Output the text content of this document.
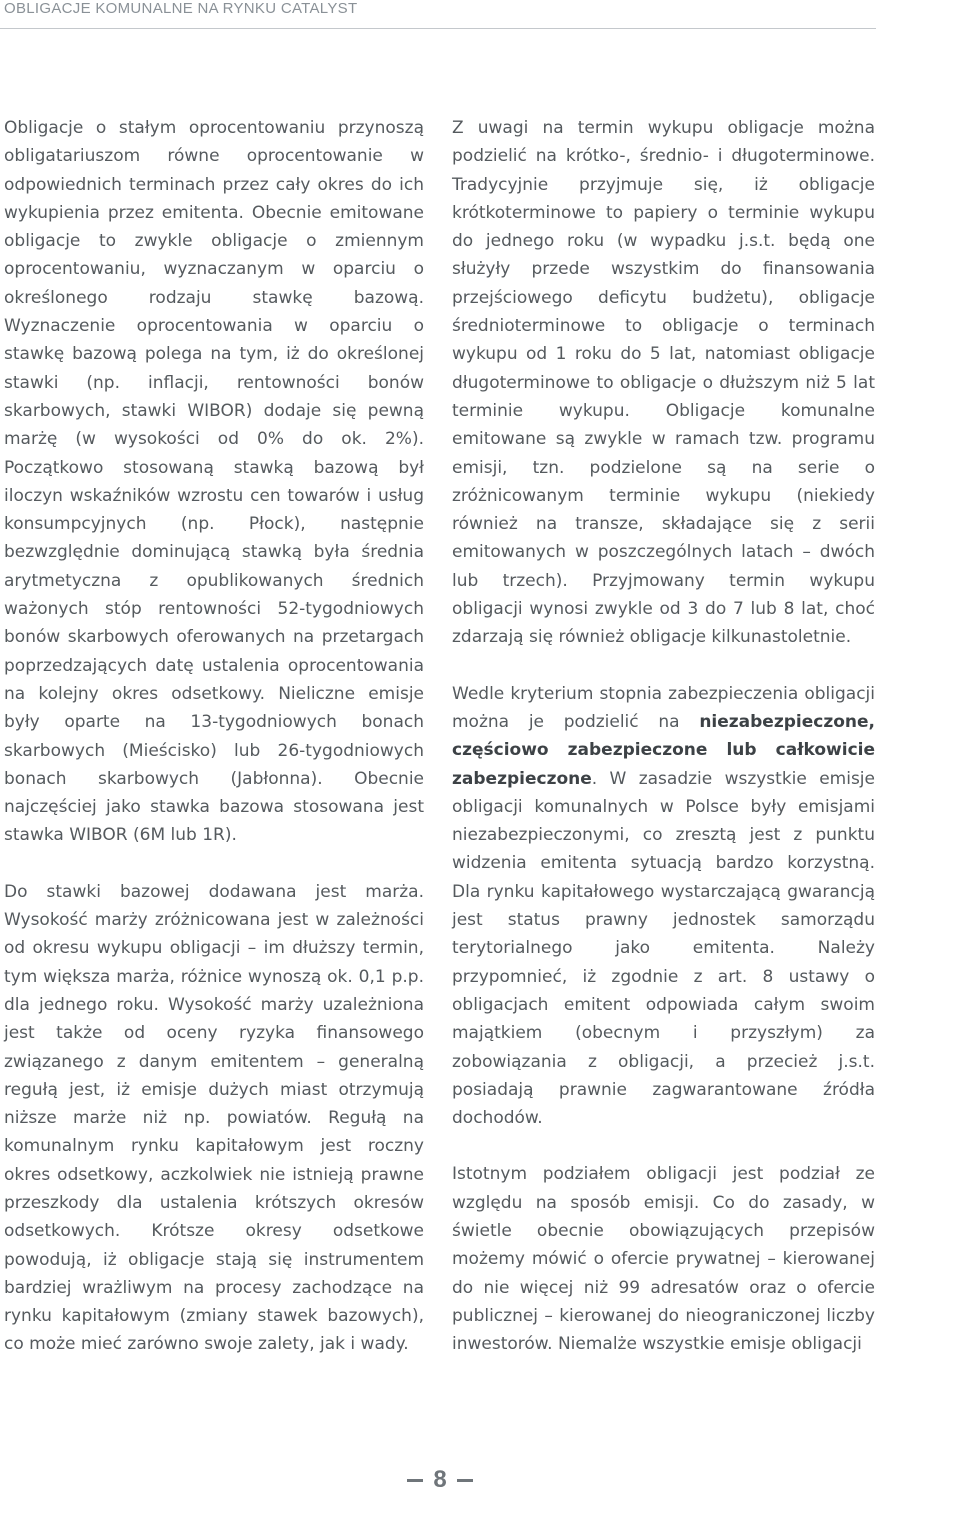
OBLIGACJE KOMUNALNE NA RYNKU CATALYST

Obligacje o stałym oprocentowaniu przynoszą obligatariuszom równe oprocentowanie w odpowiednich terminach przez cały okres do ich wykupienia przez emitenta. Obecnie emitowane obligacje to zwykle obligacje o zmiennym oprocentowaniu, wyznaczanym w oparciu o określonego rodzaju stawkę bazową. Wyznaczenie oprocentowania w oparciu o stawkę bazową polega na tym, iż do określonej stawki (np. inflacji, rentowności bonów skarbowych, stawki WIBOR) dodaje się pewną marżę (w wysokości od 0% do ok. 2%). Początkowo stosowaną stawką bazową był iloczyn wskaźników wzrostu cen towarów i usług konsumpcyjnych (np. Płock), następnie bezwzględnie dominującą stawką była średnia arytmetyczna z opublikowanych średnich ważonych stóp rentowności 52-tygodniowych bonów skarbowych oferowanych na przetargach poprzedzających datę ustalenia oprocentowania na kolejny okres odsetkowy. Nieliczne emisje były oparte na 13-tygodniowych bonach skarbowych (Mieścisko) lub 26-tygodniowych bonach skarbowych (Jabłonna). Obecnie najczęściej jako stawka bazowa stosowana jest stawka WIBOR (6M lub 1R).

Do stawki bazowej dodawana jest marża. Wysokość marży zróżnicowana jest w zależności od okresu wykupu obligacji – im dłuższy termin, tym większa marża, różnice wynoszą ok. 0,1 p.p. dla jednego roku. Wysokość marży uzależniona jest także od oceny ryzyka finansowego związanego z danym emitentem – generalną regułą jest, iż emisje dużych miast otrzymują niższe marże niż np. powiatów. Regułą na komunalnym rynku kapitałowym jest roczny okres odsetkowy, aczkolwiek nie istnieją prawne przeszkody dla ustalenia krótszych okresów odsetkowych. Krótsze okresy odsetkowe powodują, iż obligacje stają się instrumentem bardziej wrażliwym na procesy zachodzące na rynku kapitałowym (zmiany stawek bazowych), co może mieć zarówno swoje zalety, jak i wady.

Z uwagi na termin wykupu obligacje można podzielić na krótko-, średnio- i długoterminowe. Tradycyjnie przyjmuje się, iż obligacje krótkoterminowe to papiery o terminie wykupu do jednego roku (w wypadku j.s.t. będą one służyły przede wszystkim do finansowania przejściowego deficytu budżetu), obligacje średnioterminowe to obligacje o terminach wykupu od 1 roku do 5 lat, natomiast obligacje długoterminowe to obligacje o dłuższym niż 5 lat terminie wykupu. Obligacje komunalne emitowane są zwykle w ramach tzw. programu emisji, tzn. podzielone są na serie o zróżnicowanym terminie wykupu (niekiedy również na transze, składające się z serii emitowanych w poszczególnych latach – dwóch lub trzech). Przyjmowany termin wykupu obligacji wynosi zwykle od 3 do 7 lub 8 lat, choć zdarzają się również obligacje kilkunastoletnie.

Wedle kryterium stopnia zabezpieczenia obligacji można je podzielić na niezabezpieczone, częściowo zabezpieczone lub całkowicie zabezpieczone. W zasadzie wszystkie emisje obligacji komunalnych w Polsce były emisjami niezabezpieczonymi, co zresztą jest z punktu widzenia emitenta sytuacją bardzo korzystną. Dla rynku kapitałowego wystarczającą gwarancją jest status prawny jednostek samorządu terytorialnego jako emitenta. Należy przypomnieć, iż zgodnie z art. 8 ustawy o obligacjach emitent odpowiada całym swoim majątkiem (obecnym i przyszłym) za zobowiązania z obligacji, a przecież j.s.t. posiadają prawnie zagwarantowane źródła dochodów.

Istotnym podziałem obligacji jest podział ze względu na sposób emisji. Co do zasady, w świetle obecnie obowiązujących przepisów możemy mówić o ofercie prywatnej – kierowanej do nie więcej niż 99 adresatów oraz o ofercie publicznej – kierowanej do nieograniczonej liczby inwestorów. Niemalże wszystkie emisje obligacji

8
